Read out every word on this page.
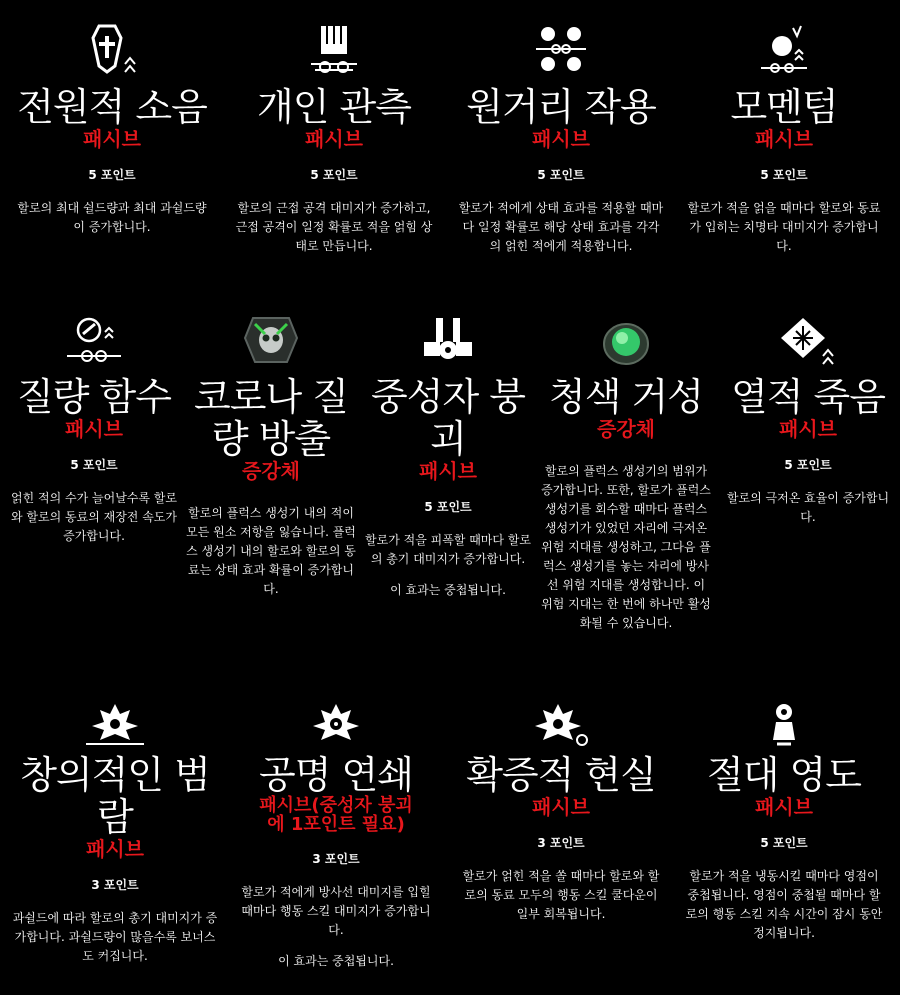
전원적 소음
패시브
5 포인트
할로의 최대 쉴드량과 최대 과쉴드량이 증가합니다.
개인 관측
패시브
5 포인트
할로의 근접 공격 대미지가 증가하고, 근접 공격이 일정 확률로 적을 얽힘 상태로 만듭니다.
원거리 작용
패시브
5 포인트
할로가 적에게 상태 효과를 적용할 때마다 일정 확률로 해당 상태 효과를 각각의 얽힌 적에게 적용합니다.
모멘텀
패시브
5 포인트
할로가 적을 얽을 때마다 할로와 동료가 입히는 치명타 대미지가 증가합니다.
질량 함수
패시브
5 포인트
얽힌 적의 수가 늘어날수록 할로와 할로의 동료의 재장전 속도가 증가합니다.
코로나 질량 방출
증강체
할로의 플럭스 생성기 내의 적이 모든 원소 저항을 잃습니다. 플럭스 생성기 내의 할로와 할로의 동료는 상태 효과 확률이 증가합니다.
중성자 붕괴
패시브
5 포인트
할로가 적을 피폭할 때마다 할로의 총기 대미지가 증가합니다.
이 효과는 중첩됩니다.
청색 거성
증강체
할로의 플럭스 생성기의 범위가 증가합니다. 또한, 할로가 플럭스 생성기를 회수할 때마다 플럭스 생성기가 있었던 자리에 극저온 위험 지대를 생성하고, 그다음 플럭스 생성기를 놓는 자리에 방사선 위험 지대를 생성합니다. 이 위험 지대는 한 번에 하나만 활성화될 수 있습니다.
열적 죽음
패시브
5 포인트
할로의 극저온 효율이 증가합니다.
창의적인 범람
패시브
3 포인트
과쉴드에 따라 할로의 총기 대미지가 증가합니다. 과쉴드량이 많을수록 보너스도 커집니다.
공명 연쇄
패시브(중성자 붕괴에 1포인트 필요)
3 포인트
할로가 적에게 방사선 대미지를 입힐 때마다 행동 스킬 대미지가 증가합니다.
이 효과는 중첩됩니다.
확증적 현실
패시브
3 포인트
할로가 얽힌 적을 쏠 때마다 할로와 할로의 동료 모두의 행동 스킬 쿨다운이 일부 회복됩니다.
절대 영도
패시브
5 포인트
할로가 적을 냉동시킬 때마다 영점이 중첩됩니다. 영점이 중첩될 때마다 할로의 행동 스킬 지속 시간이 잠시 동안 정지됩니다.
